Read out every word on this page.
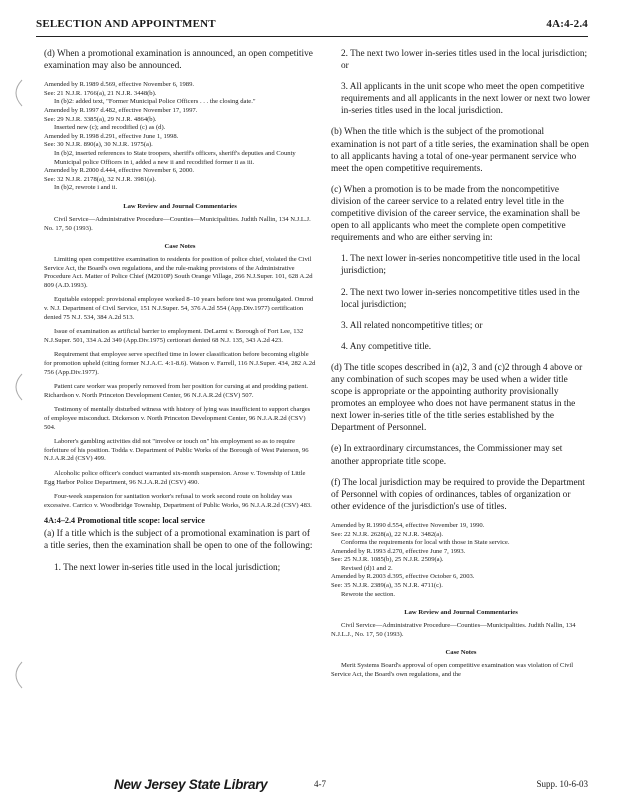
SELECTION AND APPOINTMENT	4A:4-2.4

(d) When a promotional examination is announced, an open competitive examination may also be announced.

Amended by R.1989 d.569, effective November 6, 1989.

See: 21 N.J.R. 1766(a), 21 N.J.R. 3448(b).

In (b)2: added text, "Former Municipal Police Officers . . . the closing date."

Amended by R.1997 d.482, effective November 17, 1997.

See: 29 N.J.R. 3385(a), 29 N.J.R. 4864(b).

Inserted new (c); and recodified (c) as (d).

Amended by R.1998 d.291, effective June 1, 1998.

See: 30 N.J.R. 890(a), 30 N.J.R. 1975(a).

In (b)2, inserted references to State troopers, sheriff's officers, sheriff's deputies and County Municipal police Officers in i, added a new ii and recodified former ii as iii.

Amended by R.2000 d.444, effective November 6, 2000.

See: 32 N.J.R. 2178(a), 32 N.J.R. 3981(a).

In (b)2, rewrote i and ii.

Law Review and Journal Commentaries

Civil Service—Administrative Procedure—Counties—Municipalities. Judith Nallin, 134 N.J.L.J. No. 17, 50 (1993).

Case Notes

Limiting open competitive examination to residents for position of police chief, violated the Civil Service Act, the Board's own regulations, and the rule-making provisions of the Administrative Procedure Act. Matter of Police Chief (M2010P) South Orange Village, 266 N.J.Super. 101, 628 A.2d 809 (A.D.1993).

Equitable estoppel: provisional employee worked 8–10 years before test was promulgated. Omrod v. N.J. Department of Civil Service, 151 N.J.Super. 54, 376 A.2d 554 (App.Div.1977) certification denied 75 N.J. 534, 384 A.2d 513.

Issue of examination as artificial barrier to employment. DeLarmi v. Borough of Fort Lee, 132 N.J.Super. 501, 334 A.2d 349 (App.Div.1975) certiorari denied 68 N.J. 135, 343 A.2d 423.

Requirement that employee serve specified time in lower classification before becoming eligible for promotion upheld (citing former N.J.A.C. 4:1-8.6). Watson v. Farrell, 116 N.J.Super. 434, 282 A.2d 756 (App.Div.1977).

Patient care worker was properly removed from her position for cursing at and prodding patient. Richardson v. North Princeton Development Center, 96 N.J.A.R.2d (CSV) 507.

Testimony of mentally disturbed witness with history of lying was insufficient to support charges of employee misconduct. Dickerson v. North Princeton Development Center, 96 N.J.A.R.2d (CSV) 504.

Laborer's gambling activities did not "involve or touch on" his employment so as to require forfeiture of his position. Todda v. Department of Public Works of the Borough of West Paterson, 96 N.J.A.R.2d (CSV) 499.

Alcoholic police officer's conduct warranted six-month suspension. Arose v. Township of Little Egg Harbor Police Department, 96 N.J.A.R.2d (CSV) 490.

Four-week suspension for sanitation worker's refusal to work second route on holiday was excessive. Carrico v. Woodbridge Township, Department of Public Works, 96 N.J.A.R.2d (CSV) 483.

4A:4–2.4 Promotional title scope: local service

(a) If a title which is the subject of a promotional examination is part of a title series, then the examination shall be open to one of the following:

1. The next lower in-series title used in the local jurisdiction;

2. The next two lower in-series titles used in the local jurisdiction; or

3. All applicants in the unit scope who meet the open competitive requirements and all applicants in the next lower or next two lower in-series titles used in the local jurisdiction.

(b) When the title which is the subject of the promotional examination is not part of a title series, the examination shall be open to all applicants having a total of one-year permanent service who meet the open competitive requirements.

(c) When a promotion is to be made from the noncompetitive division of the career service to a related entry level title in the competitive division of the career service, the examination shall be open to all applicants who meet the complete open competitive requirements and who are either serving in:

1. The next lower in-series noncompetitive title used in the local jurisdiction;

2. The next two lower in-series noncompetitive titles used in the local jurisdiction;

3. All related noncompetitive titles; or

4. Any competitive title.

(d) The title scopes described in (a)2, 3 and (c)2 through 4 above or any combination of such scopes may be used when a wider title scope is appropriate or the appointing authority provisionally promotes an employee who does not have permanent status in the next lower in-series title of the title series established by the Department of Personnel.

(e) In extraordinary circumstances, the Commissioner may set another appropriate title scope.

(f) The local jurisdiction may be required to provide the Department of Personnel with copies of ordinances, tables of organization or other evidence of the jurisdiction's use of titles.

Amended by R.1990 d.554, effective November 19, 1990.

See: 22 N.J.R. 2628(a), 22 N.J.R. 3482(a).

Conforms the requirements for local with those in State service.

Amended by R.1993 d.270, effective June 7, 1993.

See: 25 N.J.R. 1085(b), 25 N.J.R. 2509(a).

Revised (d)1 and 2.

Amended by R.2003 d.395, effective October 6, 2003.

See: 35 N.J.R. 2389(a), 35 N.J.R. 4711(c).

Rewrote the section.

Law Review and Journal Commentaries

Civil Service—Administrative Procedure—Counties—Municipalities. Judith Nallin, 134 N.J.L.J., No. 17, 50 (1993).

Case Notes

Merit Systems Board's approval of open competitive examination was violation of Civil Service Act, the Board's own regulations, and the

New Jersey State Library	4-7	Supp. 10-6-03
